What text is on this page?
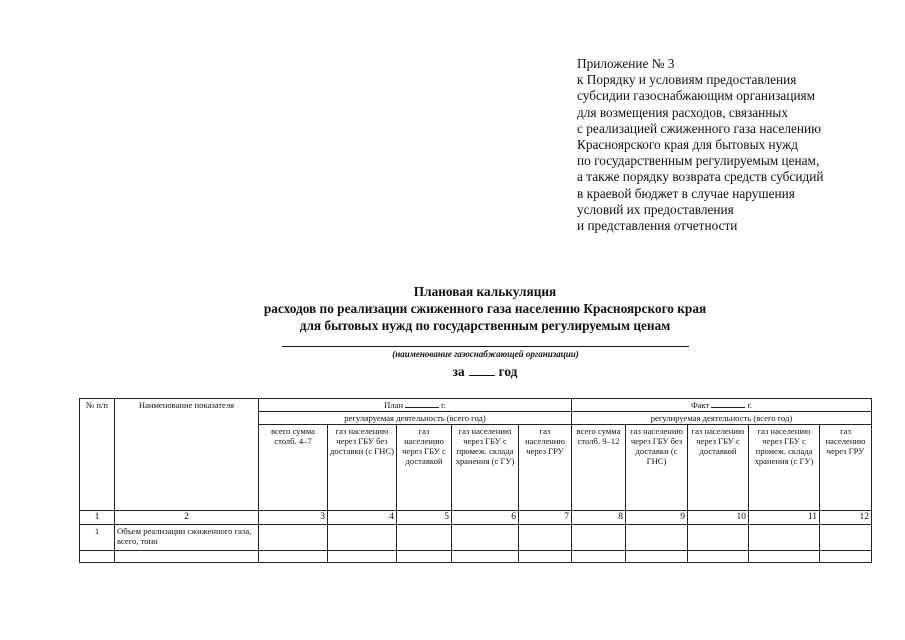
Приложение № 3
к Порядку и условиям предоставления
субсидии газоснабжающим организациям
для возмещения расходов, связанных
с реализацией сжиженного газа населению
Красноярского края для бытовых нужд
по государственным регулируемым ценам,
а также порядку возврата средств субсидий
в краевой бюджет в случае нарушения
условий их предоставления
и представления отчетности
Плановая калькуляция
расходов по реализации сжиженного газа населению Красноярского края
для бытовых нужд по государственным регулируемым ценам
(наименование газоснабжающей организации)
за	год
№ п/п	Наименование показателя	План г.					Факт г.				
		регулируемая деятельность (всего год)					регулируемая деятельность (всего год)				
		всего сумма столб. 4–7	газ населению через ГБУ без доставки (с ГНС)	газ населению через ГБУ с доставкой	газ населению через ГБУ с промеж. склада хранения (с ГУ)	газ населению через ГРУ	всего сумма столб. 9–12	газ населению через ГБУ без доставки (с ГНС)	газ населению через ГБУ с доставкой	газ населению через ГБУ с промеж. склада хранения (с ГУ)	газ населению через ГРУ
1	2	3	4	5	6	7	8	9	10	11	12
1	Объем реализации сжиженного газа, всего, тонн										
